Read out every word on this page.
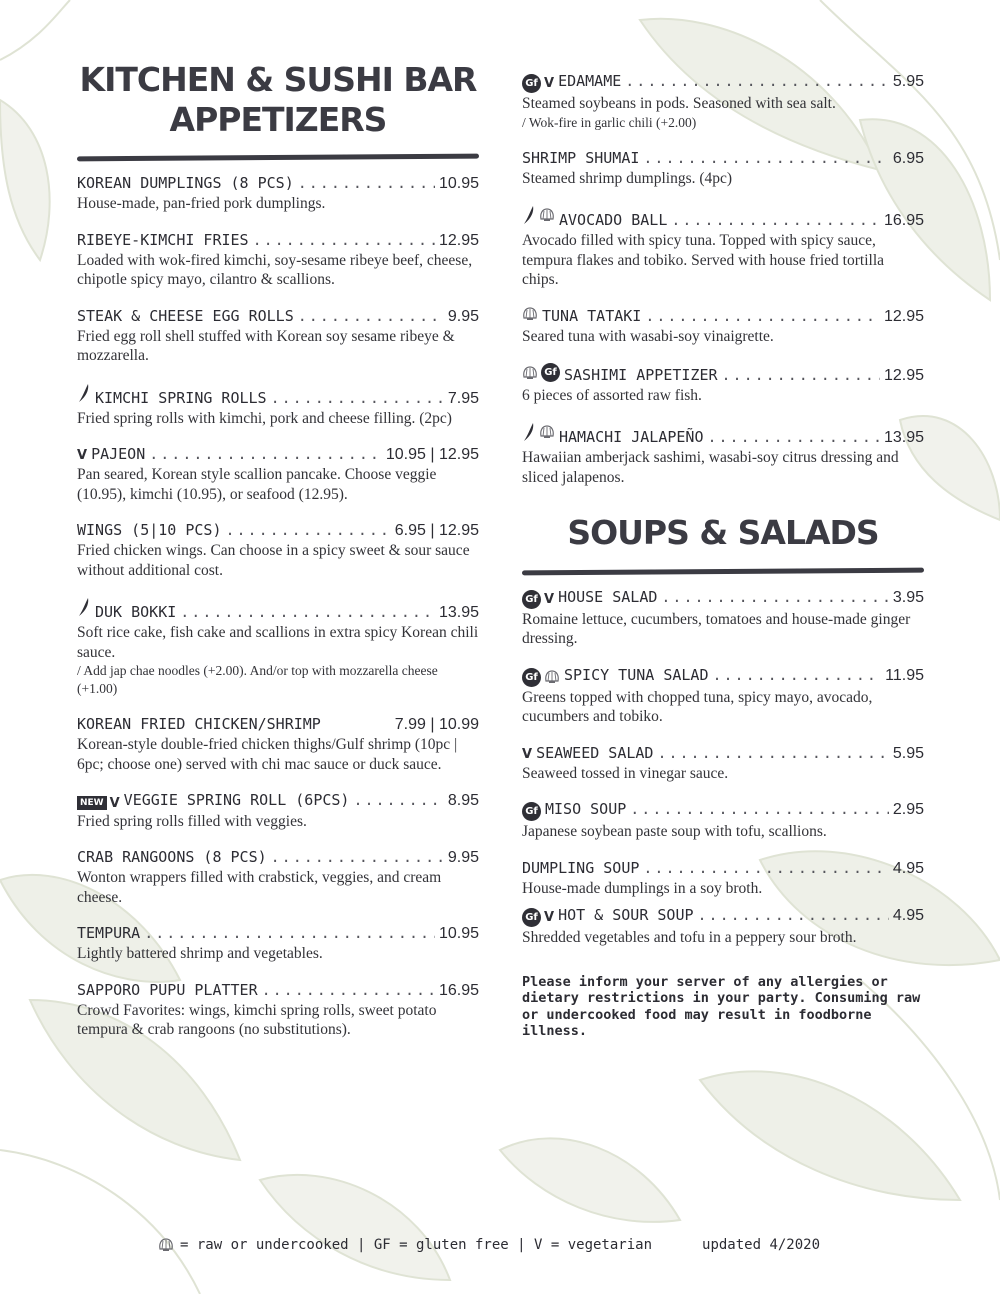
KITCHEN & SUSHI BAR
APPETIZERS
KOREAN DUMPLINGS (8 PCS) .....	10.95
House-made, pan-fried pork dumplings.
RIBEYE-KIMCHI FRIES .....	12.95
Loaded with wok-fired kimchi, soy-sesame ribeye beef, cheese, chipotle spicy mayo, cilantro & scallions.
STEAK & CHEESE EGG ROLLS .....	9.95
Fried egg roll shell stuffed with Korean soy sesame ribeye & mozzarella.
KIMCHI SPRING ROLLS .....	7.95
Fried spring rolls with kimchi, pork and cheese filling. (2pc)
V PAJEON .....	10.95 | 12.95
Pan seared, Korean style scallion pancake. Choose veggie (10.95), kimchi (10.95), or seafood (12.95).
WINGS (5|10 PCS) .....	6.95 | 12.95
Fried chicken wings. Can choose in a spicy sweet & sour sauce without additional cost.
DUK BOKKI .....	13.95
Soft rice cake, fish cake and scallions in extra spicy Korean chili sauce.
/ Add jap chae noodles (+2.00). And/or top with mozzarella cheese (+1.00)
KOREAN FRIED CHICKEN/SHRIMP	7.99 | 10.99
Korean-style double-fried chicken thighs/Gulf shrimp (10pc | 6pc; choose one) served with chi mac sauce or duck sauce.
NEW V VEGGIE SPRING ROLL (6PCS) .....	8.95
Fried spring rolls filled with veggies.
CRAB RANGOONS (8 PCS) .....	9.95
Wonton wrappers filled with crabstick, veggies, and cream cheese.
TEMPURA .....	10.95
Lightly battered shrimp and vegetables.
SAPPORO PUPU PLATTER .....	16.95
Crowd Favorites: wings, kimchi spring rolls, sweet potato tempura & crab rangoons (no substitutions).
Gf V EDAMAME .....	5.95
Steamed soybeans in pods. Seasoned with sea salt.
/ Wok-fire in garlic chili (+2.00)
SHRIMP SHUMAI .....	6.95
Steamed shrimp dumplings. (4pc)
AVOCADO BALL .....	16.95
Avocado filled with spicy tuna. Topped with spicy sauce, tempura flakes and tobiko. Served with house fried tortilla chips.
TUNA TATAKI .....	12.95
Seared tuna with wasabi-soy vinaigrette.
Gf SASHIMI APPETIZER .....	12.95
6 pieces of assorted raw fish.
HAMACHI JALAPEÑO .....	13.95
Hawaiian amberjack sashimi, wasabi-soy citrus dressing and sliced jalapenos.
SOUPS & SALADS
Gf V HOUSE SALAD .....	3.95
Romaine lettuce, cucumbers, tomatoes and house-made ginger dressing.
Gf SPICY TUNA SALAD .....	11.95
Greens topped with chopped tuna, spicy mayo, avocado, cucumbers and tobiko.
V SEAWEED SALAD .....	5.95
Seaweed tossed in vinegar sauce.
Gf MISO SOUP .....	2.95
Japanese soybean paste soup with tofu, scallions.
DUMPLING SOUP .....	4.95
House-made dumplings in a soy broth.
Gf V HOT & SOUR SOUP .....	4.95
Shredded vegetables and tofu in a peppery sour broth.
Please inform your server of any allergies or dietary restrictions in your party. Consuming raw or undercooked food may result in foodborne illness.
= raw or undercooked | GF = gluten free | V = vegetarian	updated 4/2020
